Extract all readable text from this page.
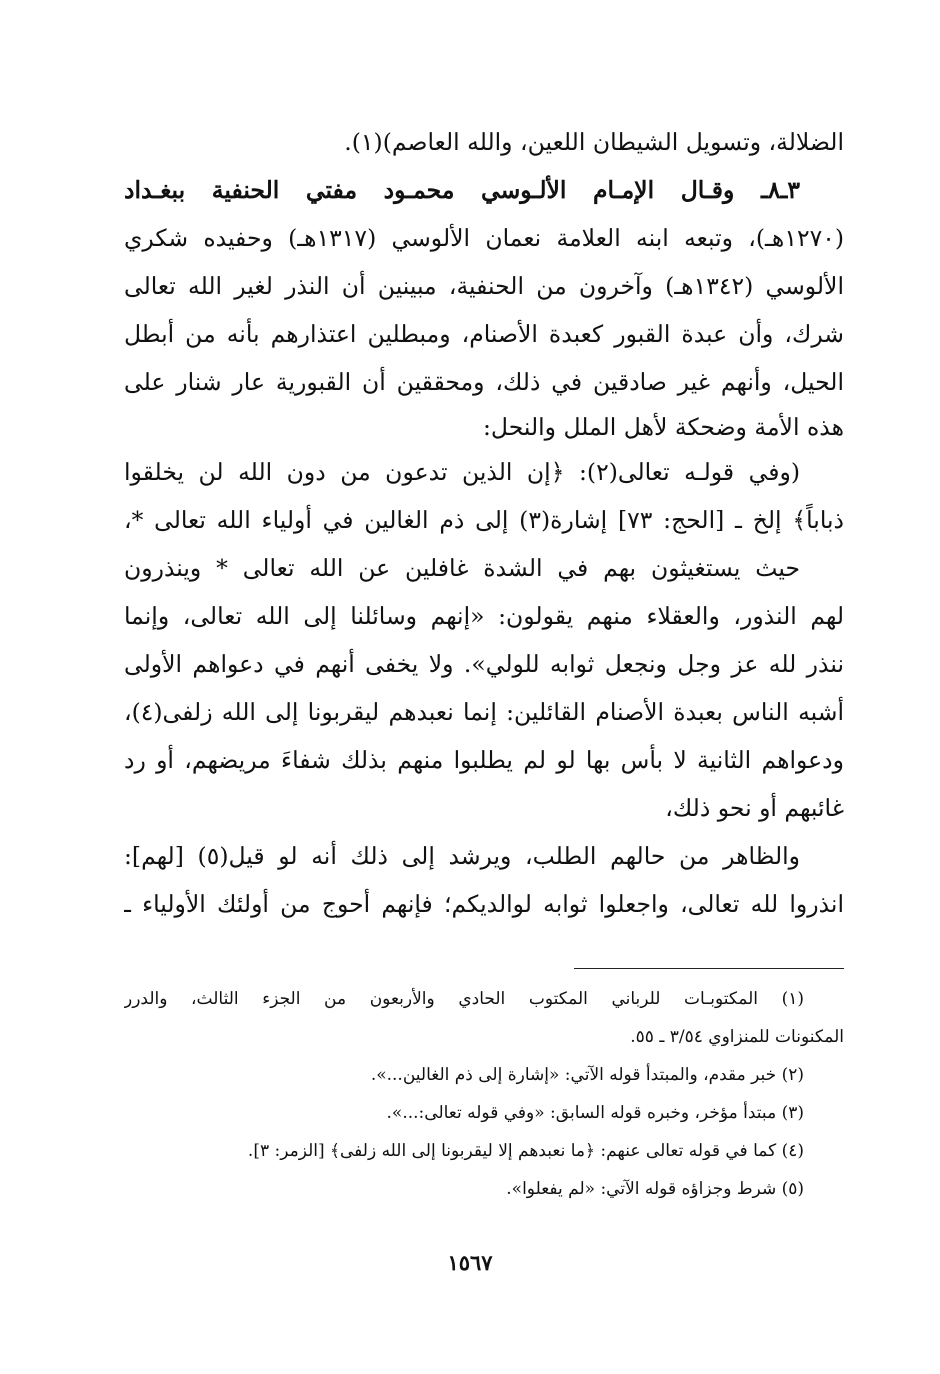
الضلالة، وتسويل الشيطان اللعين، والله العاصم)(١).
٣ـ٨ـ وقـال الإمـام الألـوسي محمـود مفتي الحنفية ببغـداد
(١٢٧٠هـ)، وتبعه ابنه العلامة نعمان الألوسي (١٣١٧هـ) وحفيده شكري
الألوسي (١٣٤٢هـ) وآخرون من الحنفية، مبينين أن النذر لغير الله تعالى
شرك، وأن عبدة القبور كعبدة الأصنام، ومبطلين اعتذارهم بأنه من أبطل
الحيل، وأنهم غير صادقين في ذلك، ومحققين أن القبورية عار شنار على
هذه الأمة وضحكة لأهل الملل والنحل:
(وفي قولـه تعالى(٢): ﴿إن الذين تدعون من دون الله لن يخلقوا
ذباباً﴾ إلخ ـ [الحج: ٧٣] إشارة(٣) إلى ذم الغالين في أولياء الله تعالى *،
حيث يستغيثون بهم في الشدة غافلين عن الله تعالى * وينذرون
لهم النذور، والعقلاء منهم يقولون: «إنهم وسائلنا إلى الله تعالى، وإنما
ننذر لله عز وجل ونجعل ثوابه للولي». ولا يخفى أنهم في دعواهم الأولى
أشبه الناس بعبدة الأصنام القائلين: إنما نعبدهم ليقربونا إلى الله زلفى(٤)،
ودعواهم الثانية لا بأس بها لو لم يطلبوا منهم بذلك شفاءَ مريضهم، أو رد
غائبهم أو نحو ذلك،
والظاهر من حالهم الطلب، ويرشد إلى ذلك أنه لو قيل(٥) [لهم]:
انذروا لله تعالى، واجعلوا ثوابه لوالديكم؛ فإنهم أحوج من أولئك الأولياء ـ
(١) المكتوبـات للرباني المكتوب الحادي والأربعون من الجزء الثالث، والدرر
المكنونات للمنزاوي ٣/٥٤ ـ ٥٥.
(٢) خبر مقدم، والمبتدأ قوله الآتي: «إشارة إلى ذم الغالين...».
(٣) مبتدأ مؤخر، وخبره قوله السابق: «وفي قوله تعالى:...».
(٤) كما في قوله تعالى عنهم: ﴿ما نعبدهم إلا ليقربونا إلى الله زلفى﴾ [الزمر: ٣].
(٥) شرط وجزاؤه قوله الآتي: «لم يفعلوا».
١٥٦٧
